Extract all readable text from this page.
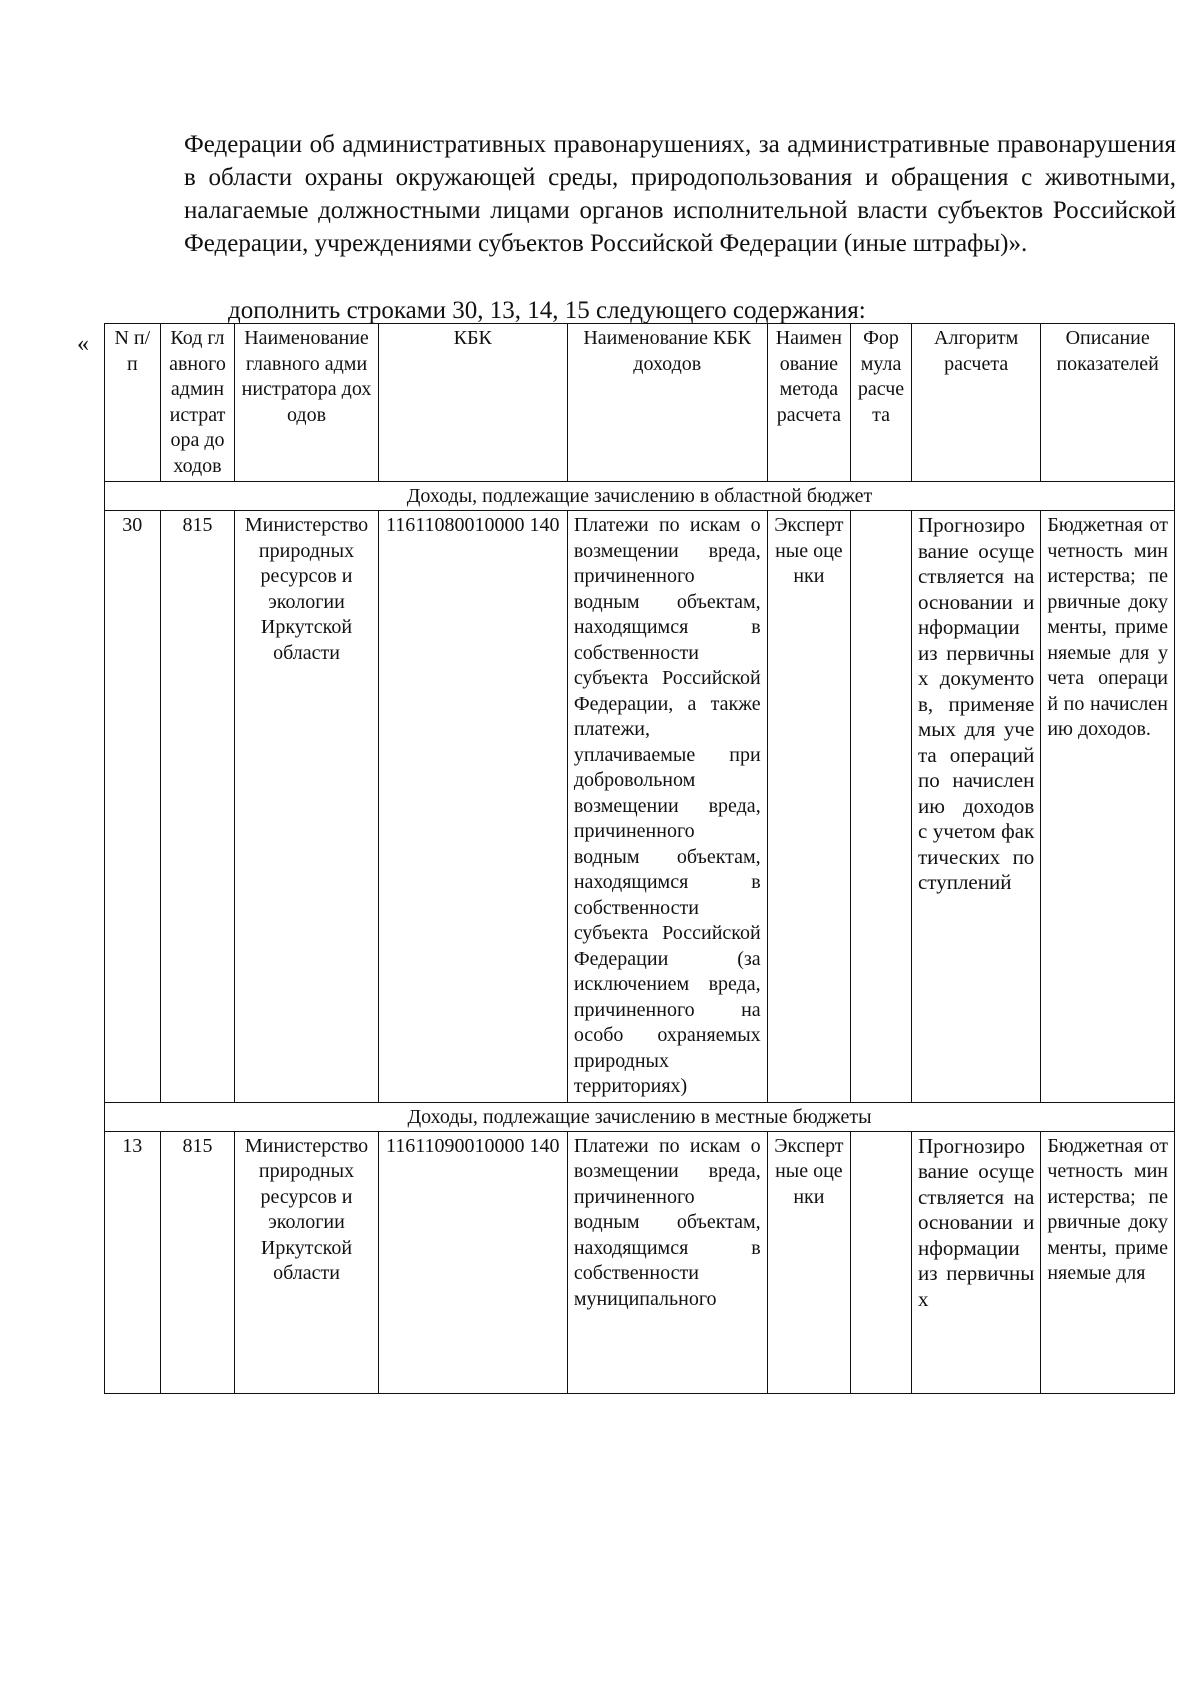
Федерации об административных правонарушениях, за административные правонарушения в области охраны окружающей среды, природопользования и обращения с животными, налагаемые должностными лицами органов исполнительной власти субъектов Российской Федерации, учреждениями субъектов Российской Федерации (иные штрафы)».

дополнить строками 30, 13, 14, 15 следующего содержания:
« N п/п	Код главного администратора доходов	Наименование главного администратора доходов	КБК	Наименование КБК доходов	Наименование метода расчета	Формула расчета	Алгоритм расчета	Описание показателей
Доходы, подлежащие зачислению в областной бюджет								
30	815	Министерство природных ресурсов и экологии Иркутской области	11611080010000 140	Платежи по искам о возмещении вреда, причиненного водным объектам, находящимся в собственности субъекта Российской Федерации, а также платежи, уплачиваемые при добровольном возмещении вреда, причиненного водным объектам, находящимся в собственности субъекта Российской Федерации (за исключением вреда, причиненного на особо охраняемых природных территориях)	Экспертные оценки		Прогнозирование осуществляется на основании информации из первичных документов, применяемых для учета операций по начислению доходов с учетом фактических поступлений	Бюджетная отчетность министерства; первичные документы, применяемые для учета операций по начислению доходов.
Доходы, подлежащие зачислению в местные бюджеты								
13	815	Министерство природных ресурсов и экологии Иркутской области	11611090010000 140	Платежи по искам о возмещении вреда, причиненного водным объектам, находящимся в собственности муниципального	Экспертные оценки		Прогнозирование осуществляется на основании информации из первичных	Бюджетная отчетность министерства; первичные документы, применяемые для
